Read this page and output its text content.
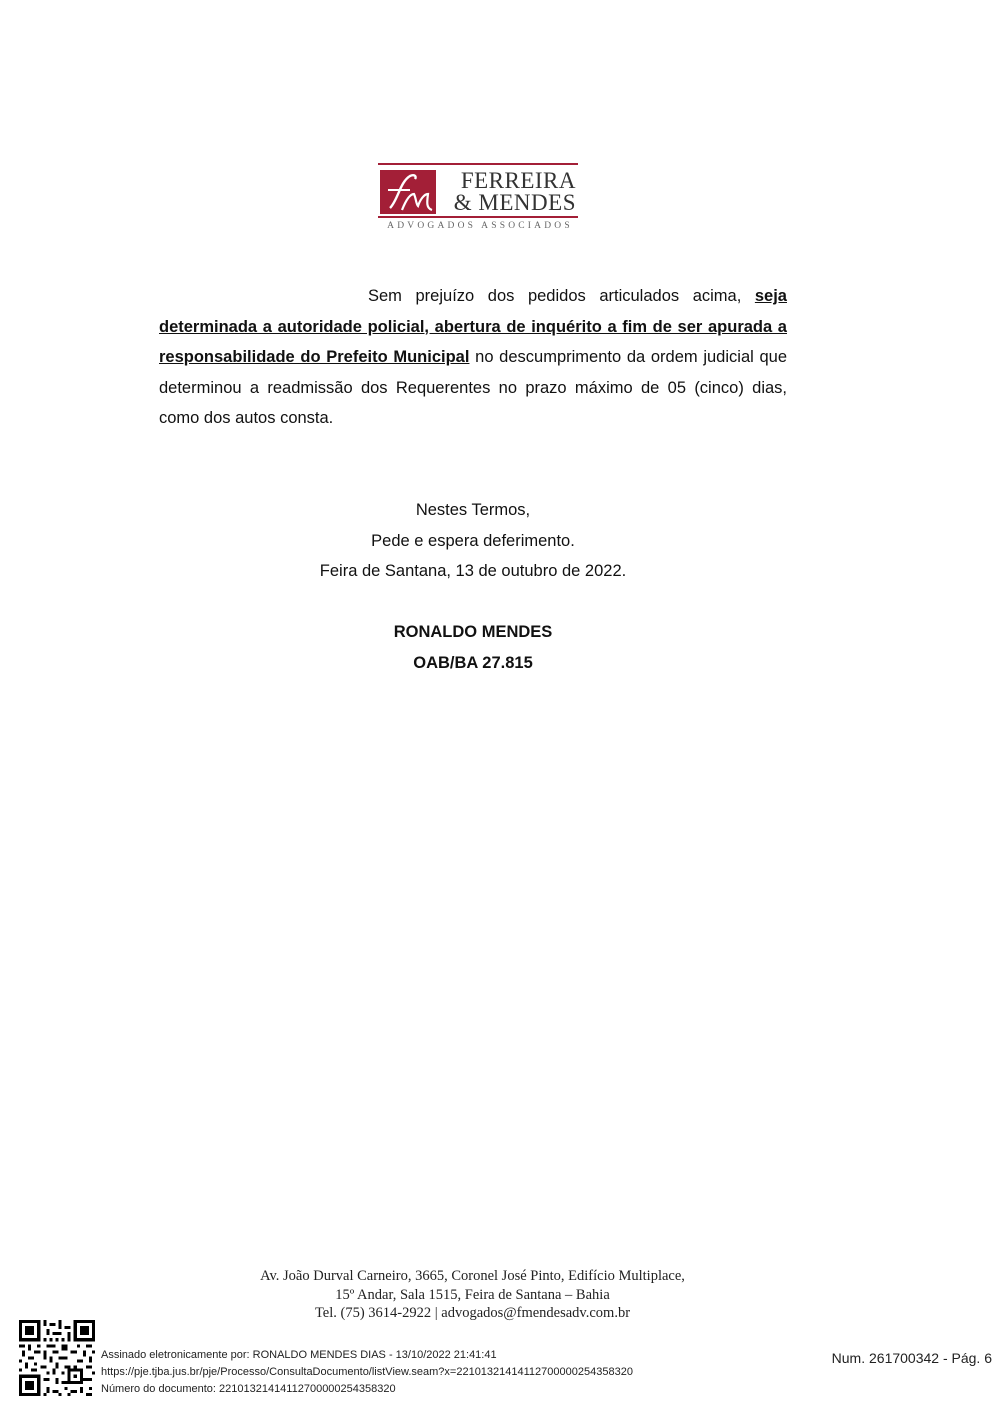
FERREIRA
& MENDES
ADVOGADOS ASSOCIADOS

Sem prejuízo dos pedidos articulados acima, seja determinada a autoridade policial, abertura de inquérito a fim de ser apurada a responsabilidade do Prefeito Municipal no descumprimento da ordem judicial que determinou a readmissão dos Requerentes no prazo máximo de 05 (cinco) dias, como dos autos consta.

Nestes Termos,
Pede e espera deferimento.
Feira de Santana, 13 de outubro de 2022.
RONALDO MENDES
OAB/BA 27.815
Av. João Durval Carneiro, 3665, Coronel José Pinto, Edifício Multiplace,
15º Andar, Sala 1515, Feira de Santana – Bahia
Tel. (75) 3614-2922 | advogados@fmendesadv.com.br
Assinado eletronicamente por: RONALDO MENDES DIAS - 13/10/2022 21:41:41
https://pje.tjba.jus.br/pje/Processo/ConsultaDocumento/listView.seam?x=22101321414112700000254358320
Número do documento: 22101321414112700000254358320
Num. 261700342 - Pág. 6
